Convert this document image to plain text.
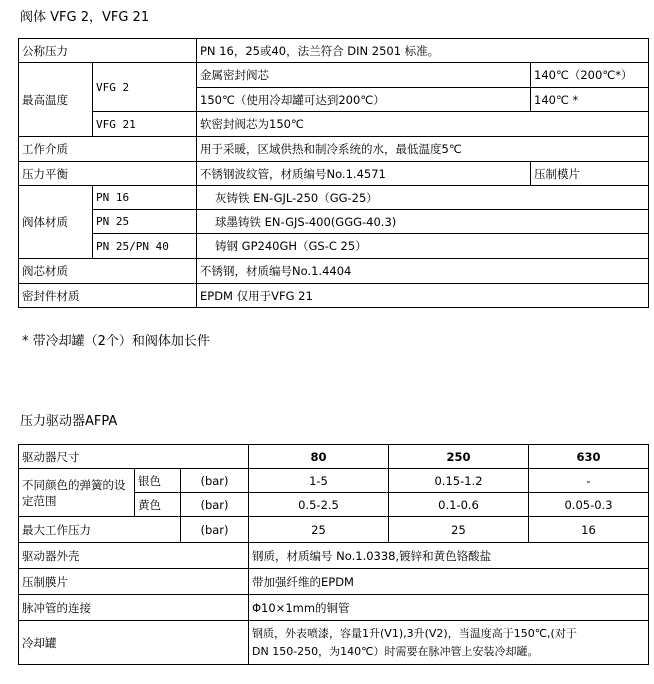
阀体 VFG 2，VFG 21
公称压力		PN 16，25或40，法兰符合 DIN 2501 标准。	
最高温度	VFG 2	金属密封阀芯	140℃（200℃*）
		150℃（使用冷却罐可达到200℃）	140℃ *
	VFG 21	软密封阀芯为150℃	
工作介质		用于采暖，区域供热和制冷系统的水，最低温度5℃	
压力平衡		不锈钢波纹管，材质编号No.1.4571	压制模片
阀体材质	PN 16	灰铸铁 EN-GJL-250（GG-25）	
	PN 25	球墨铸铁 EN-GJS-400(GGG-40.3)	
	PN 25/PN 40	铸钢 GP240GH（GS-C 25）	
阀芯材质		不锈钢，材质编号No.1.4404	
密封件材质		EPDM 仅用于VFG 21	
* 带冷却罐（2个）和阀体加长件
压力驱动器AFPA
驱动器尺寸			80	250	630
不同颜色的弹簧的设定范围	银色	(bar)	1-5	0.15-1.2	-
	黄色	(bar)	0.5-2.5	0.1-0.6	0.05-0.3
最大工作压力		(bar)	25	25	16
驱动器外壳			钢质，材质编号 No.1.0338,镀锌和黄色铬酸盐		
压制膜片			带加强纤维的EPDM		
脉冲管的连接			Φ10×1mm的铜管		
冷却罐			钢质，外表喷漆，容量1升(V1),3升(V2)，当温度高于150℃,(对于
DN 150-250，为140℃）时需要在脉冲管上安装冷却罐。		
